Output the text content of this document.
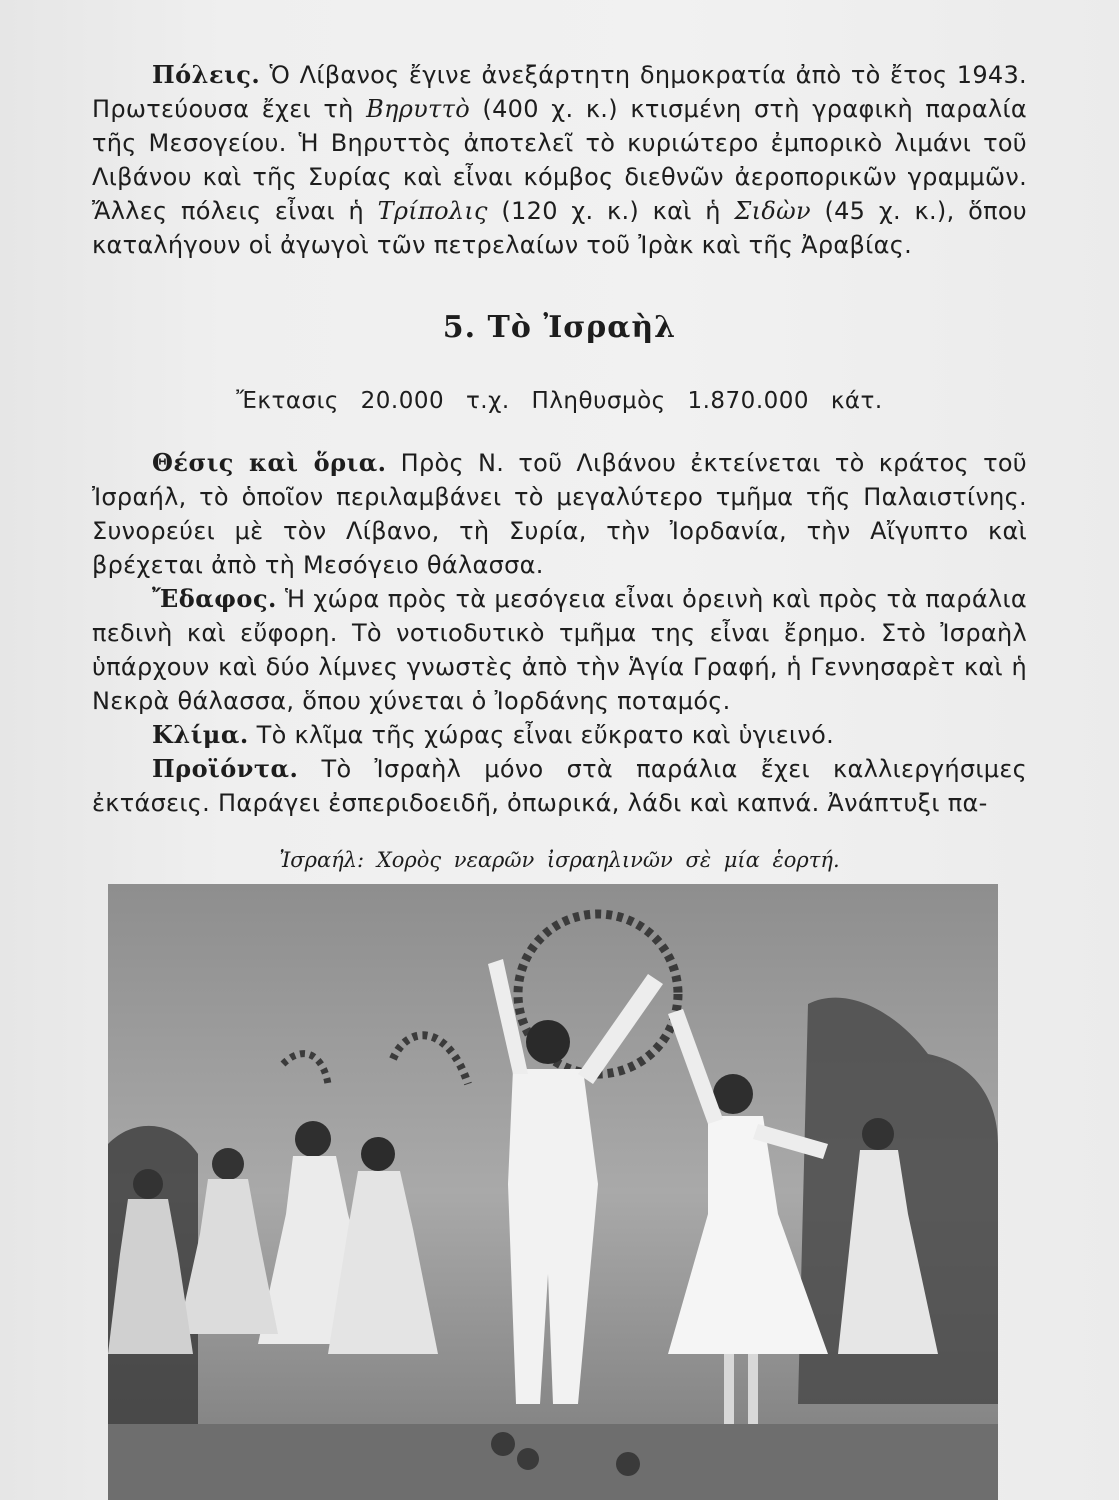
Πόλεις. Ὁ Λίβανος ἔγινε ἀνεξάρτητη δημοκρατία ἀπὸ τὸ ἔτος 1943. Πρωτεύουσα ἔχει τὴ Βηρυττὸ (400 χ. κ.) κτισμένη στὴ γραφικὴ παραλία τῆς Μεσογείου. Ἡ Βηρυττὸς ἀποτελεῖ τὸ κυριώτερο ἐμπορικὸ λιμάνι τοῦ Λιβάνου καὶ τῆς Συρίας καὶ εἶναι κόμβος διεθνῶν ἀεροπορικῶν γραμμῶν. Ἄλλες πόλεις εἶναι ἡ Τρίπολις (120 χ. κ.) καὶ ἡ Σιδὼν (45 χ. κ.), ὅπου καταλήγουν οἱ ἀγωγοὶ τῶν πετρελαίων τοῦ Ἰρὰκ καὶ τῆς Ἀραβίας.

5. Τὸ Ἰσραὴλ
Ἔκτασις 20.000 τ.χ. Πληθυσμὸς 1.870.000 κάτ.

Θέσις καὶ ὅρια. Πρὸς Ν. τοῦ Λιβάνου ἐκτείνεται τὸ κράτος τοῦ Ἰσραήλ, τὸ ὁποῖον περιλαμβάνει τὸ μεγαλύτερο τμῆμα τῆς Παλαιστίνης. Συνορεύει μὲ τὸν Λίβανο, τὴ Συρία, τὴν Ἰορδανία, τὴν Αἴγυπτο καὶ βρέχεται ἀπὸ τὴ Μεσόγειο θάλασσα.

Ἔδαφος. Ἡ χώρα πρὸς τὰ μεσόγεια εἶναι ὀρεινὴ καὶ πρὸς τὰ παράλια πεδινὴ καὶ εὔφορη. Τὸ νοτιοδυτικὸ τμῆμα της εἶναι ἔρημο. Στὸ Ἰσραὴλ ὑπάρχουν καὶ δύο λίμνες γνωστὲς ἀπὸ τὴν Ἁγία Γραφή, ἡ Γεννησαρὲτ καὶ ἡ Νεκρὰ θάλασσα, ὅπου χύνεται ὁ Ἰορδάνης ποταμός.

Κλίμα. Τὸ κλῖμα τῆς χώρας εἶναι εὔκρατο καὶ ὑγιεινό.

Προϊόντα. Τὸ Ἰσραὴλ μόνο στὰ παράλια ἔχει καλλιεργήσιμες ἐκτάσεις. Παράγει ἐσπεριδοειδῆ, ὀπωρικά, λάδι καὶ καπνά. Ἀνάπτυξι πα-

Ἰσραήλ: Χορὸς νεαρῶν ἰσραηλινῶν σὲ μία ἑορτή.
